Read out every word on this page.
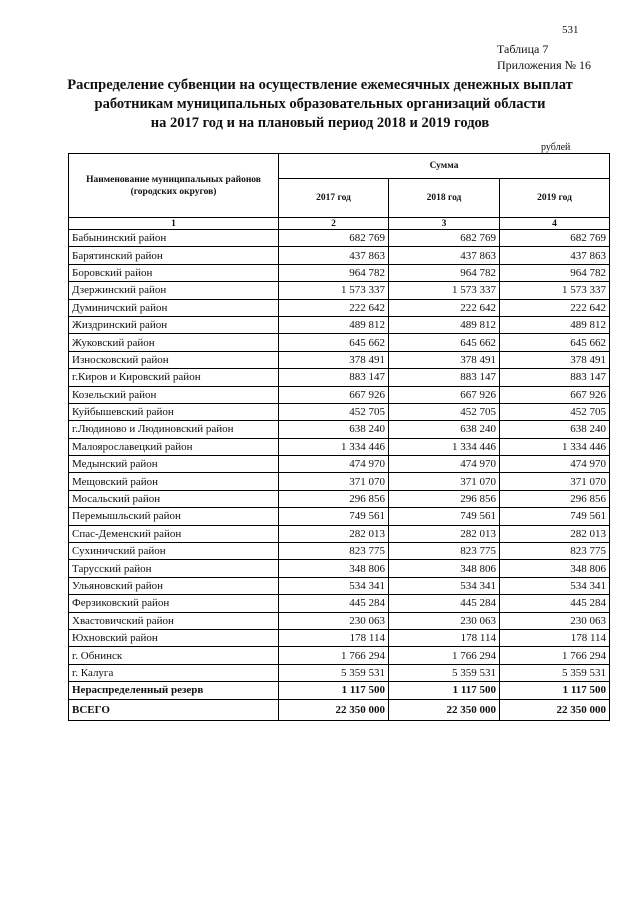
531
Таблица 7
Приложения № 16
Распределение субвенции на осуществление ежемесячных денежных выплат
работникам муниципальных образовательных организаций области
на 2017 год и на плановый период 2018 и 2019 годов
рублей
Наименование муниципальных районов (городских округов)	Сумма		
	2017 год	2018 год	2019 год
1	2	3	4
Бабынинский район	682 769	682 769	682 769
Барятинский район	437 863	437 863	437 863
Боровский район	964 782	964 782	964 782
Дзержинский район	1 573 337	1 573 337	1 573 337
Думиничский район	222 642	222 642	222 642
Жиздринский район	489 812	489 812	489 812
Жуковский район	645 662	645 662	645 662
Износковский район	378 491	378 491	378 491
г.Киров и Кировский район	883 147	883 147	883 147
Козельский район	667 926	667 926	667 926
Куйбышевский район	452 705	452 705	452 705
г.Людиново и Людиновский район	638 240	638 240	638 240
Малоярославецкий район	1 334 446	1 334 446	1 334 446
Медынский район	474 970	474 970	474 970
Мещовский район	371 070	371 070	371 070
Мосальский район	296 856	296 856	296 856
Перемышльский район	749 561	749 561	749 561
Спас-Деменский район	282 013	282 013	282 013
Сухиничский район	823 775	823 775	823 775
Тарусский район	348 806	348 806	348 806
Ульяновский район	534 341	534 341	534 341
Ферзиковский район	445 284	445 284	445 284
Хвастовичский район	230 063	230 063	230 063
Юхновский район	178 114	178 114	178 114
г. Обнинск	1 766 294	1 766 294	1 766 294
г. Калуга	5 359 531	5 359 531	5 359 531
Нераспределенный резерв	1 117 500	1 117 500	1 117 500
ВСЕГО	22 350 000	22 350 000	22 350 000
